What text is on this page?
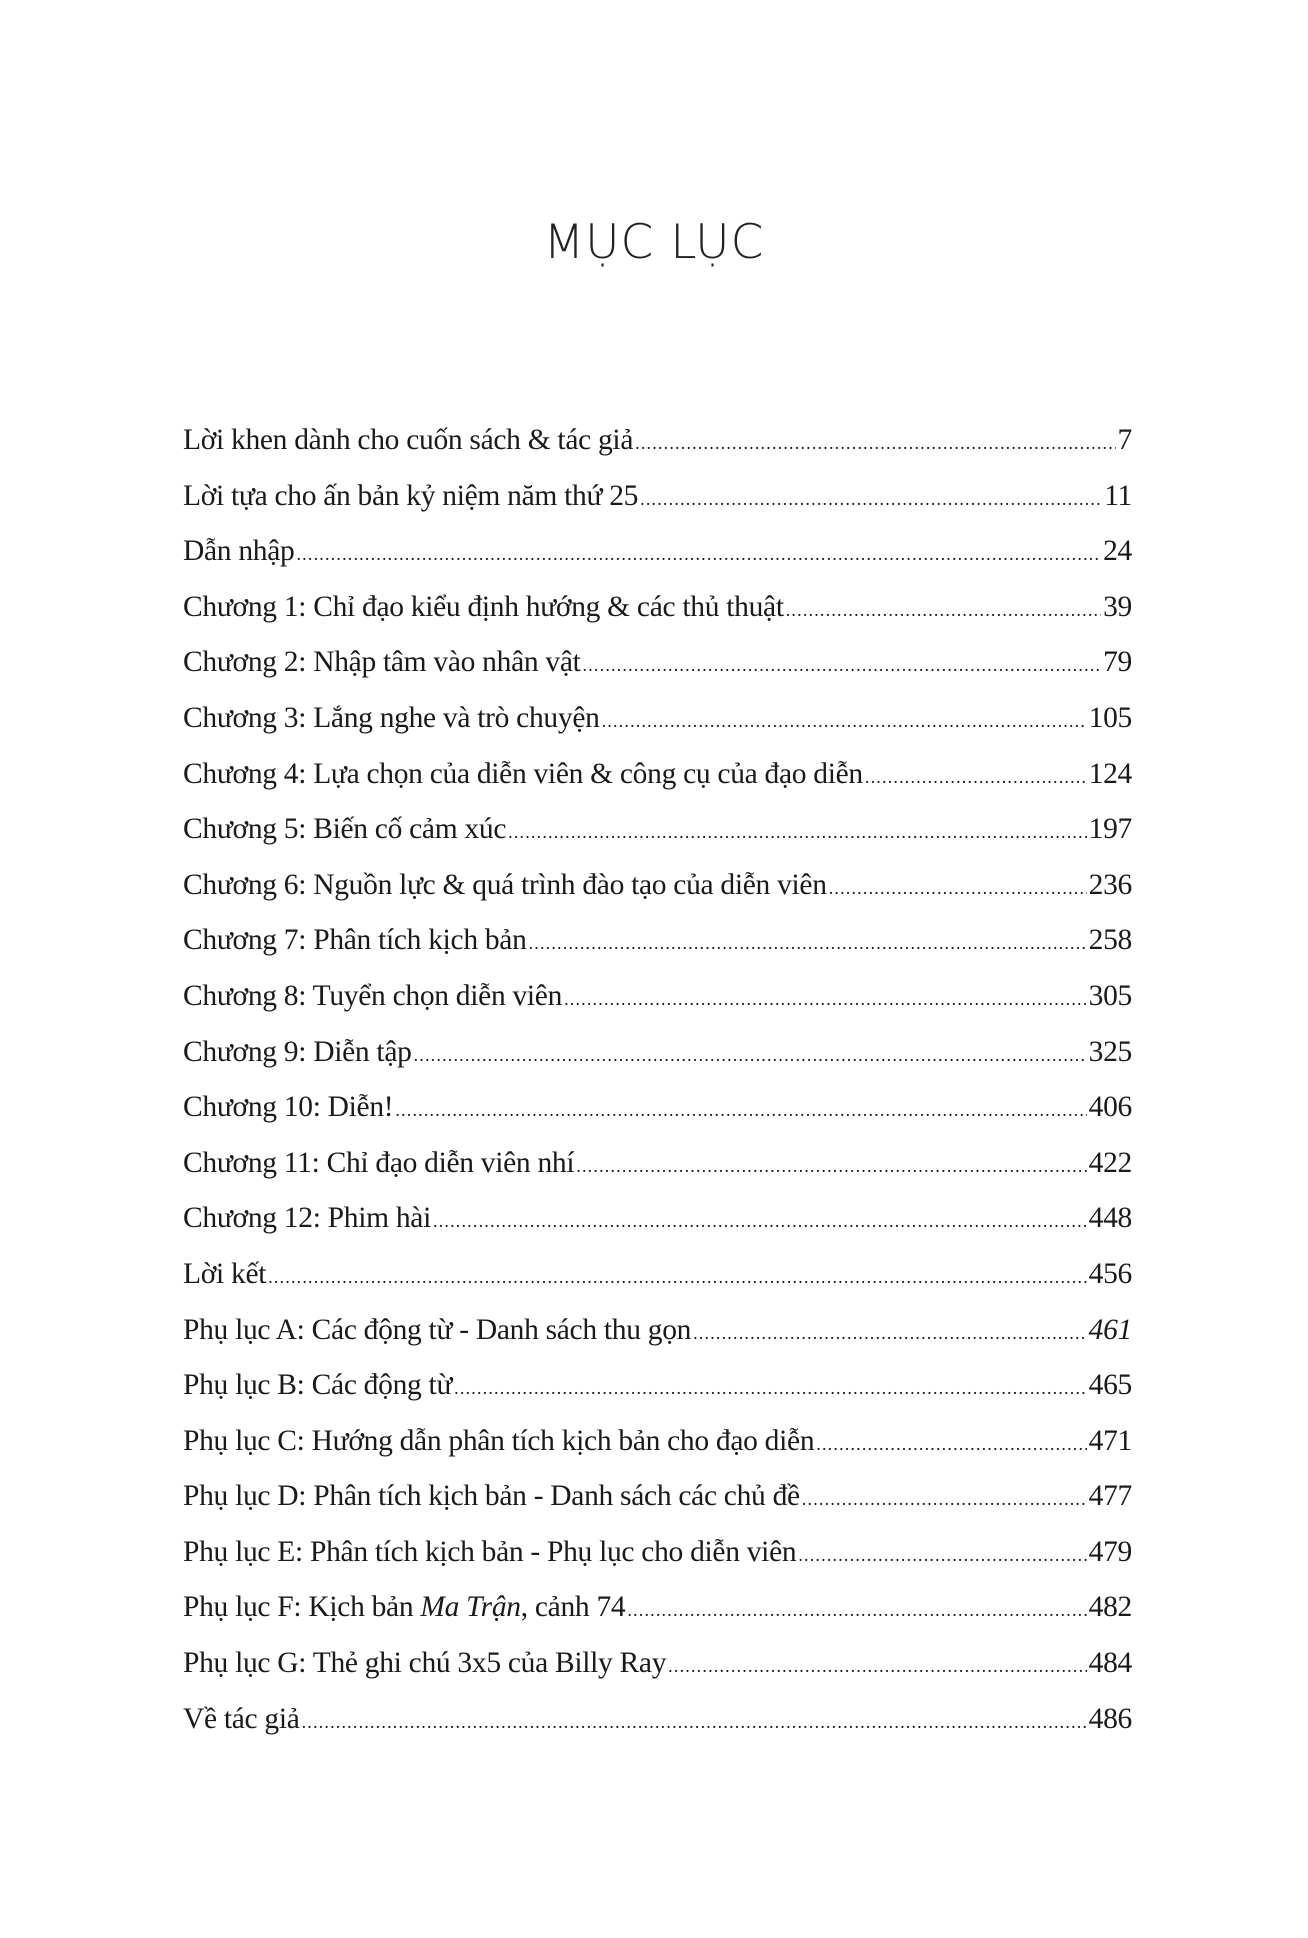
MỤC LỤC
Lời khen dành cho cuốn sách & tác giả .....	7
Lời tựa cho ấn bản kỷ niệm năm thứ 25 .....	11
Dẫn nhập .....	24
Chương 1: Chỉ đạo kiểu định hướng & các thủ thuật .....	39
Chương 2: Nhập tâm vào nhân vật .....	79
Chương 3: Lắng nghe và trò chuyện .....	105
Chương 4: Lựa chọn của diễn viên & công cụ của đạo diễn .....	124
Chương 5: Biến cố cảm xúc .....	197
Chương 6: Nguồn lực & quá trình đào tạo của diễn viên .....	236
Chương 7: Phân tích kịch bản .....	258
Chương 8: Tuyển chọn diễn viên .....	305
Chương 9: Diễn tập .....	325
Chương 10: Diễn! .....	406
Chương 11: Chỉ đạo diễn viên nhí .....	422
Chương 12: Phim hài .....	448
Lời kết .....	456
Phụ lục A: Các động từ - Danh sách thu gọn .....	461
Phụ lục B: Các động từ .....	465
Phụ lục C: Hướng dẫn phân tích kịch bản cho đạo diễn .....	471
Phụ lục D: Phân tích kịch bản - Danh sách các chủ đề .....	477
Phụ lục E: Phân tích kịch bản - Phụ lục cho diễn viên .....	479
Phụ lục F: Kịch bản Ma Trận, cảnh 74 .....	482
Phụ lục G: Thẻ ghi chú 3x5 của Billy Ray .....	484
Về tác giả .....	486
